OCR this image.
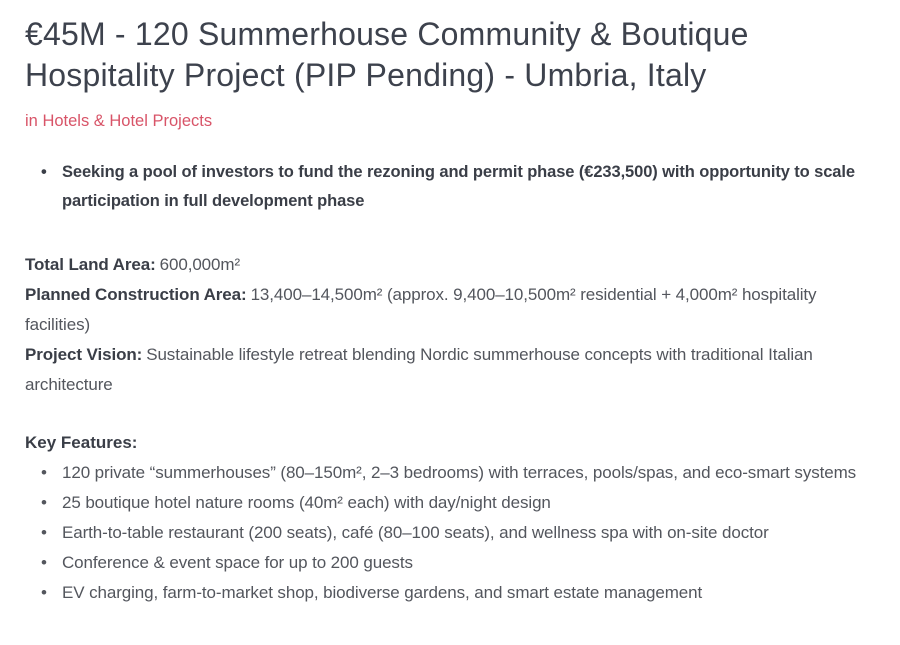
€45M - 120 Summerhouse Community & Boutique Hospitality Project (PIP Pending) - Umbria, Italy
in Hotels & Hotel Projects
• Seeking a pool of investors to fund the rezoning and permit phase (€233,500) with opportunity to scale participation in full development phase

Total Land Area: 600,000m²

Planned Construction Area: 13,400–14,500m² (approx. 9,400–10,500m² residential + 4,000m² hospitality facilities)

Project Vision: Sustainable lifestyle retreat blending Nordic summerhouse concepts with traditional Italian architecture

Key Features:

• 120 private “summerhouses” (80–150m², 2–3 bedrooms) with terraces, pools/spas, and eco-smart systems
• 25 boutique hotel nature rooms (40m² each) with day/night design
• Earth-to-table restaurant (200 seats), café (80–100 seats), and wellness spa with on-site doctor
• Conference & event space for up to 200 guests
• EV charging, farm-to-market shop, biodiverse gardens, and smart estate management
